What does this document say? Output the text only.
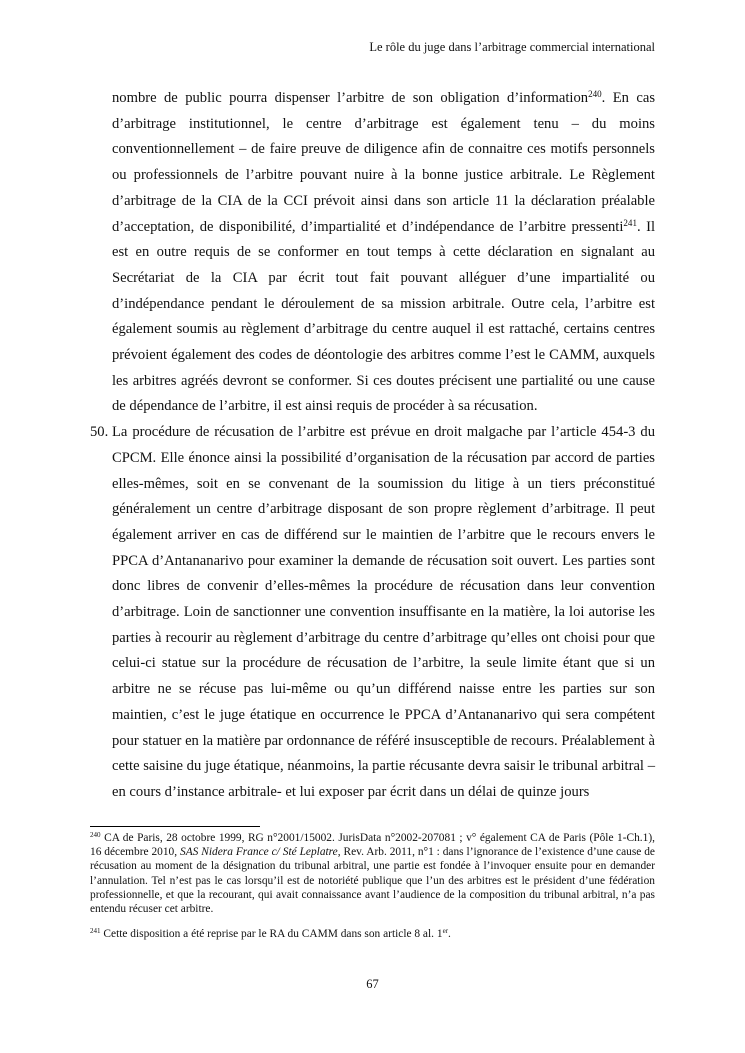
Le rôle du juge dans l’arbitrage commercial international

nombre de public pourra dispenser l’arbitre de son obligation d’information$^{240}$. En cas d’arbitrage institutionnel, le centre d’arbitrage est également tenu – du moins conventionnellement – de faire preuve de diligence afin de connaitre ces motifs personnels ou professionnels de l’arbitre pouvant nuire à la bonne justice arbitrale. Le Règlement d’arbitrage de la CIA de la CCI prévoit ainsi dans son article 11 la déclaration préalable d’acceptation, de disponibilité, d’impartialité et d’indépendance de l’arbitre pressenti$^{241}$. Il est en outre requis de se conformer en tout temps à cette déclaration en signalant au Secrétariat de la CIA par écrit tout fait pouvant alléguer d’une impartialité ou d’indépendance pendant le déroulement de sa mission arbitrale. Outre cela, l’arbitre est également soumis au règlement d’arbitrage du centre auquel il est rattaché, certains centres prévoient également des codes de déontologie des arbitres comme l’est le CAMM, auxquels les arbitres agréés devront se conformer. Si ces doutes précisent une partialité ou une cause de dépendance de l’arbitre, il est ainsi requis de procéder à sa récusation.

50. La procédure de récusation de l’arbitre est prévue en droit malgache par l’article 454-3 du CPCM. Elle énonce ainsi la possibilité d’organisation de la récusation par accord de parties elles-mêmes, soit en se convenant de la soumission du litige à un tiers préconstitué généralement un centre d’arbitrage disposant de son propre règlement d’arbitrage. Il peut également arriver en cas de différend sur le maintien de l’arbitre que le recours envers le PPCA d’Antananarivo pour examiner la demande de récusation soit ouvert. Les parties sont donc libres de convenir d’elles-mêmes la procédure de récusation dans leur convention d’arbitrage. Loin de sanctionner une convention insuffisante en la matière, la loi autorise les parties à recourir au règlement d’arbitrage du centre d’arbitrage qu’elles ont choisi pour que celui-ci statue sur la procédure de récusation de l’arbitre, la seule limite étant que si un arbitre ne se récuse pas lui-même ou qu’un différend naisse entre les parties sur son maintien, c’est le juge étatique en occurrence le PPCA d’Antananarivo qui sera compétent pour statuer en la matière par ordonnance de référé insusceptible de recours. Préalablement à cette saisine du juge étatique, néanmoins, la partie récusante devra saisir le tribunal arbitral – en cours d’instance arbitrale- et lui exposer par écrit dans un délai de quinze jours

$^{240}$ CA de Paris, 28 octobre 1999, RG n°2001/15002. JurisData n°2002-207081 ; v° également CA de Paris (Pôle 1-Ch.1), 16 décembre 2010, SAS Nidera France c/ Sté Leplatre, Rev. Arb. 2011, n°1 : dans l’ignorance de l’existence d’une cause de récusation au moment de la désignation du tribunal arbitral, une partie est fondée à l’invoquer ensuite pour en demander l’annulation. Tel n’est pas le cas lorsqu’il est de notoriété publique que l’un des arbitres est le président d’une fédération professionnelle, et que la recourant, qui avait connaissance avant l’audience de la composition du tribunal arbitral, n’a pas entendu récuser cet arbitre.

$^{241}$ Cette disposition a été reprise par le RA du CAMM dans son article 8 al. 1er.

67
